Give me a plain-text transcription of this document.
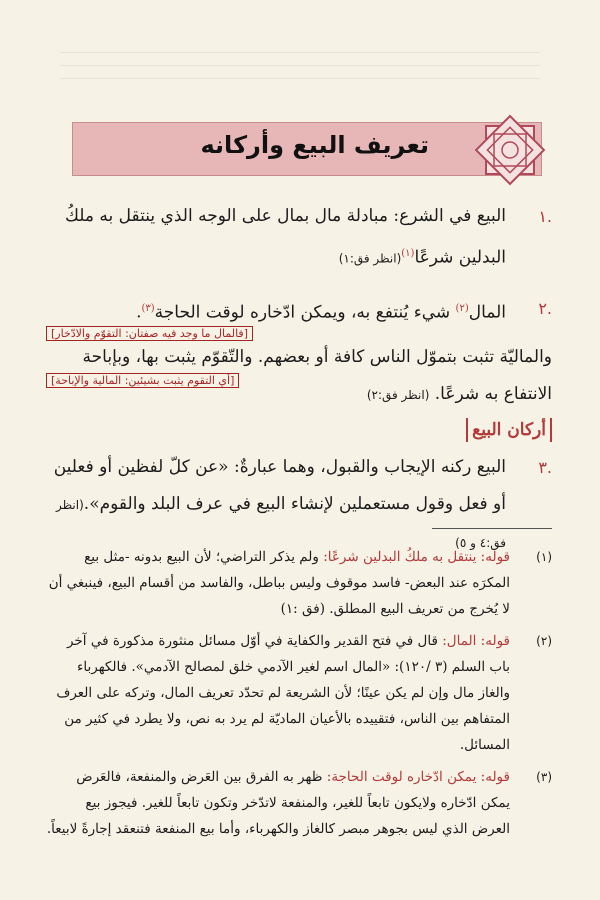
تعريف البيع وأركانه
.١
البيع في الشرع: مبادلة مال بمال على الوجه الذي ينتقل به ملكُ البدلين شرعًا$^{(١)}$(انظر فق:١)
.٢
المال$^{(٢)}$ شيء يُنتفع به، ويمكن ادّخاره لوقت الحاجة$^{(٣)}$.
[فالمال ما وجد فيه صفتان: التقوّم والادّخار]
والماليّة تثبت بتموّل الناس كافة أو بعضهم. والتّقوّم يثبت بها، وبإباحة الانتفاع به شرعًا. (انظر فق:٢)
[أي التقوم يثبت بشيئين: المالية والإباحة]
أركان البيع
.٣
البيع ركنه الإيجاب والقبول، وهما عبارةٌ: «عن كلّ لفظين أو فعلين أو فعل وقول مستعملين لإنشاء البيع في عرف البلد والقوم».(انظر فق:٤ و ٥)
(١)
قوله: ينتقل به ملكُ البدلين شرعًا: ولم يذكر التراضي؛ لأن البيع بدونه -مثل بيع المكرَه عند البعض- فاسد موقوف وليس بباطل، والفاسد من أقسام البيع، فينبغي أن لا يُخرج من تعريف البيع المطلق. (فق :١)
(٢)
قوله: المال: قال في فتح القدير والكفاية في أوّل مسائل منثورة مذكورة في آخر باب السلم (٣ /١٢٠): «المال اسم لغير الآدمي خلق لمصالح الآدمي». فالكهرباء والغاز مال وإن لم يكن عينًا؛ لأن الشريعة لم تحدّد تعريف المال، وتركه على العرف المتفاهم بين الناس، فتقييده بالأعيان الماديّة لم يرد به نص، ولا يطرد في كثير من المسائل.
(٣)
قوله: يمكن ادّخاره لوقت الحاجة: ظهر به الفرق بين العَرض والمنفعة، فالعَرض يمكن ادّخاره ولايكون تابعاً للغير، والمنفعة لاتدّخر وتكون تابعاً للغير. فيجوز بيع العرض الذي ليس بجوهر مبصر كالغاز والكهرباء، وأما بيع المنفعة فتنعقد إجارةً لابيعاً.
